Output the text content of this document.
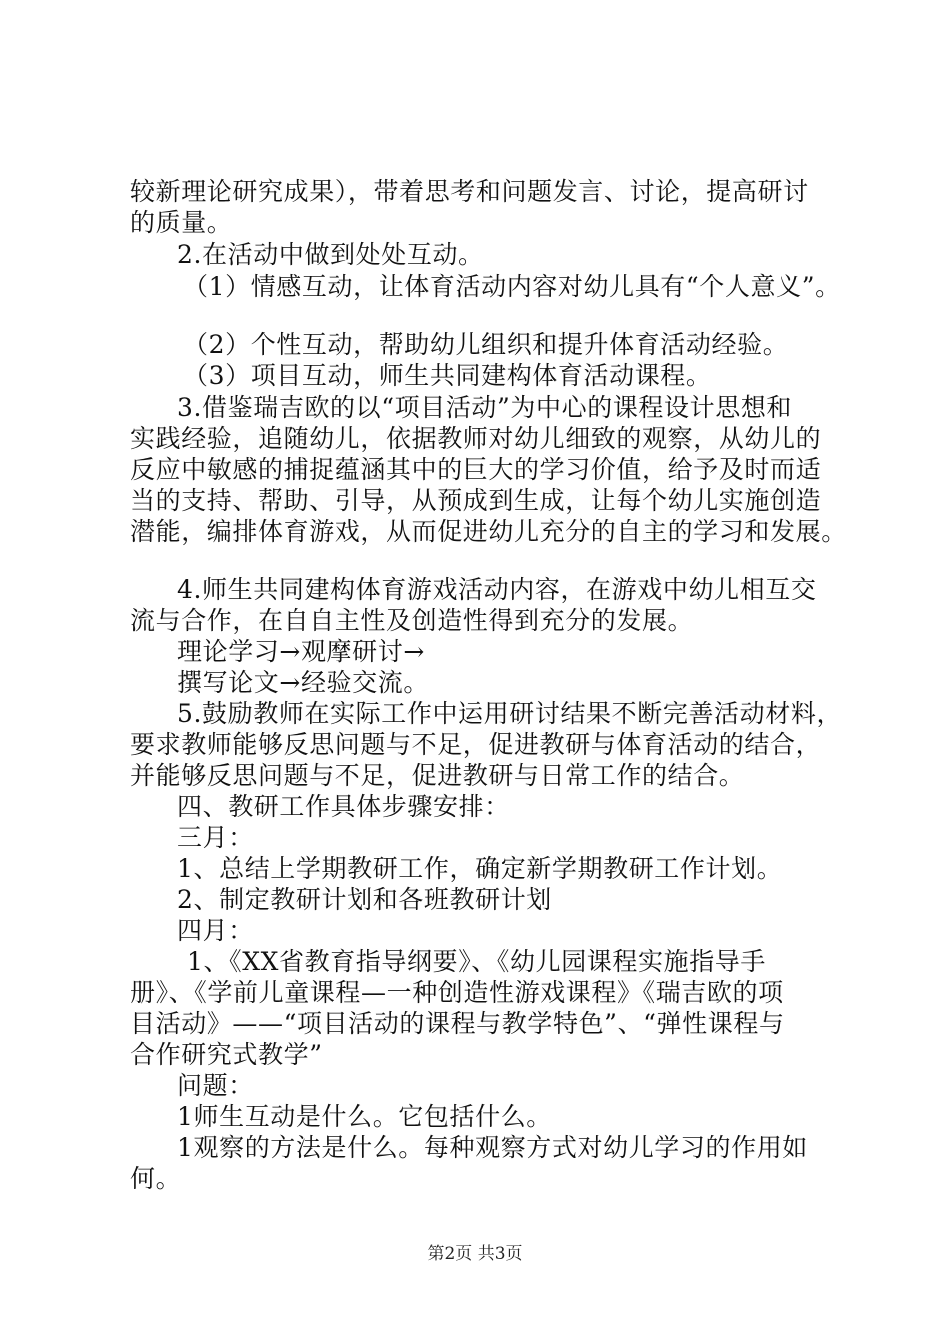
较新理论研究成果），带着思考和问题发言、讨论，提高研讨
的质量。
2.在活动中做到处处互动。
（1）情感互动，让体育活动内容对幼儿具有“个人意义”。
（2）个性互动，帮助幼儿组织和提升体育活动经验。
（3）项目互动，师生共同建构体育活动课程。
3.借鉴瑞吉欧的以“项目活动”为中心的课程设计思想和
实践经验，追随幼儿，依据教师对幼儿细致的观察，从幼儿的
反应中敏感的捕捉蕴涵其中的巨大的学习价值，给予及时而适
当的支持、帮助、引导，从预成到生成，让每个幼儿实施创造
潜能，编排体育游戏，从而促进幼儿充分的自主的学习和发展。
4.师生共同建构体育游戏活动内容，在游戏中幼儿相互交
流与合作，在自自主性及创造性得到充分的发展。
理论学习→观摩研讨→
撰写论文→经验交流。
5.鼓励教师在实际工作中运用研讨结果不断完善活动材料，
要求教师能够反思问题与不足，促进教研与体育活动的结合，
并能够反思问题与不足，促进教研与日常工作的结合。
四、教研工作具体步骤安排：
三月：
1、总结上学期教研工作，确定新学期教研工作计划。
2、制定教研计划和各班教研计划
四月：
1、《XX省教育指导纲要》、《幼儿园课程实施指导手
册》、《学前儿童课程—一种创造性游戏课程》《瑞吉欧的项
目活动》——“项目活动的课程与教学特色”、“弹性课程与
合作研究式教学”
问题：
1师生互动是什么。它包括什么。
1观察的方法是什么。每种观察方式对幼儿学习的作用如
何。
第2页 共3页
